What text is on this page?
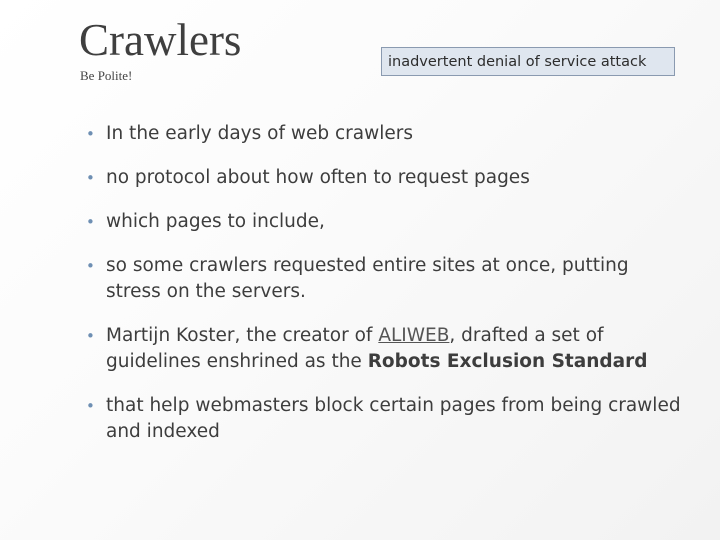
Crawlers
Be Polite!
inadvertent denial of service attack
• In the early days of web crawlers
• no protocol about how often to request pages
• which pages to include,
• so some crawlers requested entire sites at once, putting stress on the servers.
• Martijn Koster, the creator of ALIWEB, drafted a set of guidelines enshrined as the Robots Exclusion Standard
• that help webmasters block certain pages from being crawled and indexed
